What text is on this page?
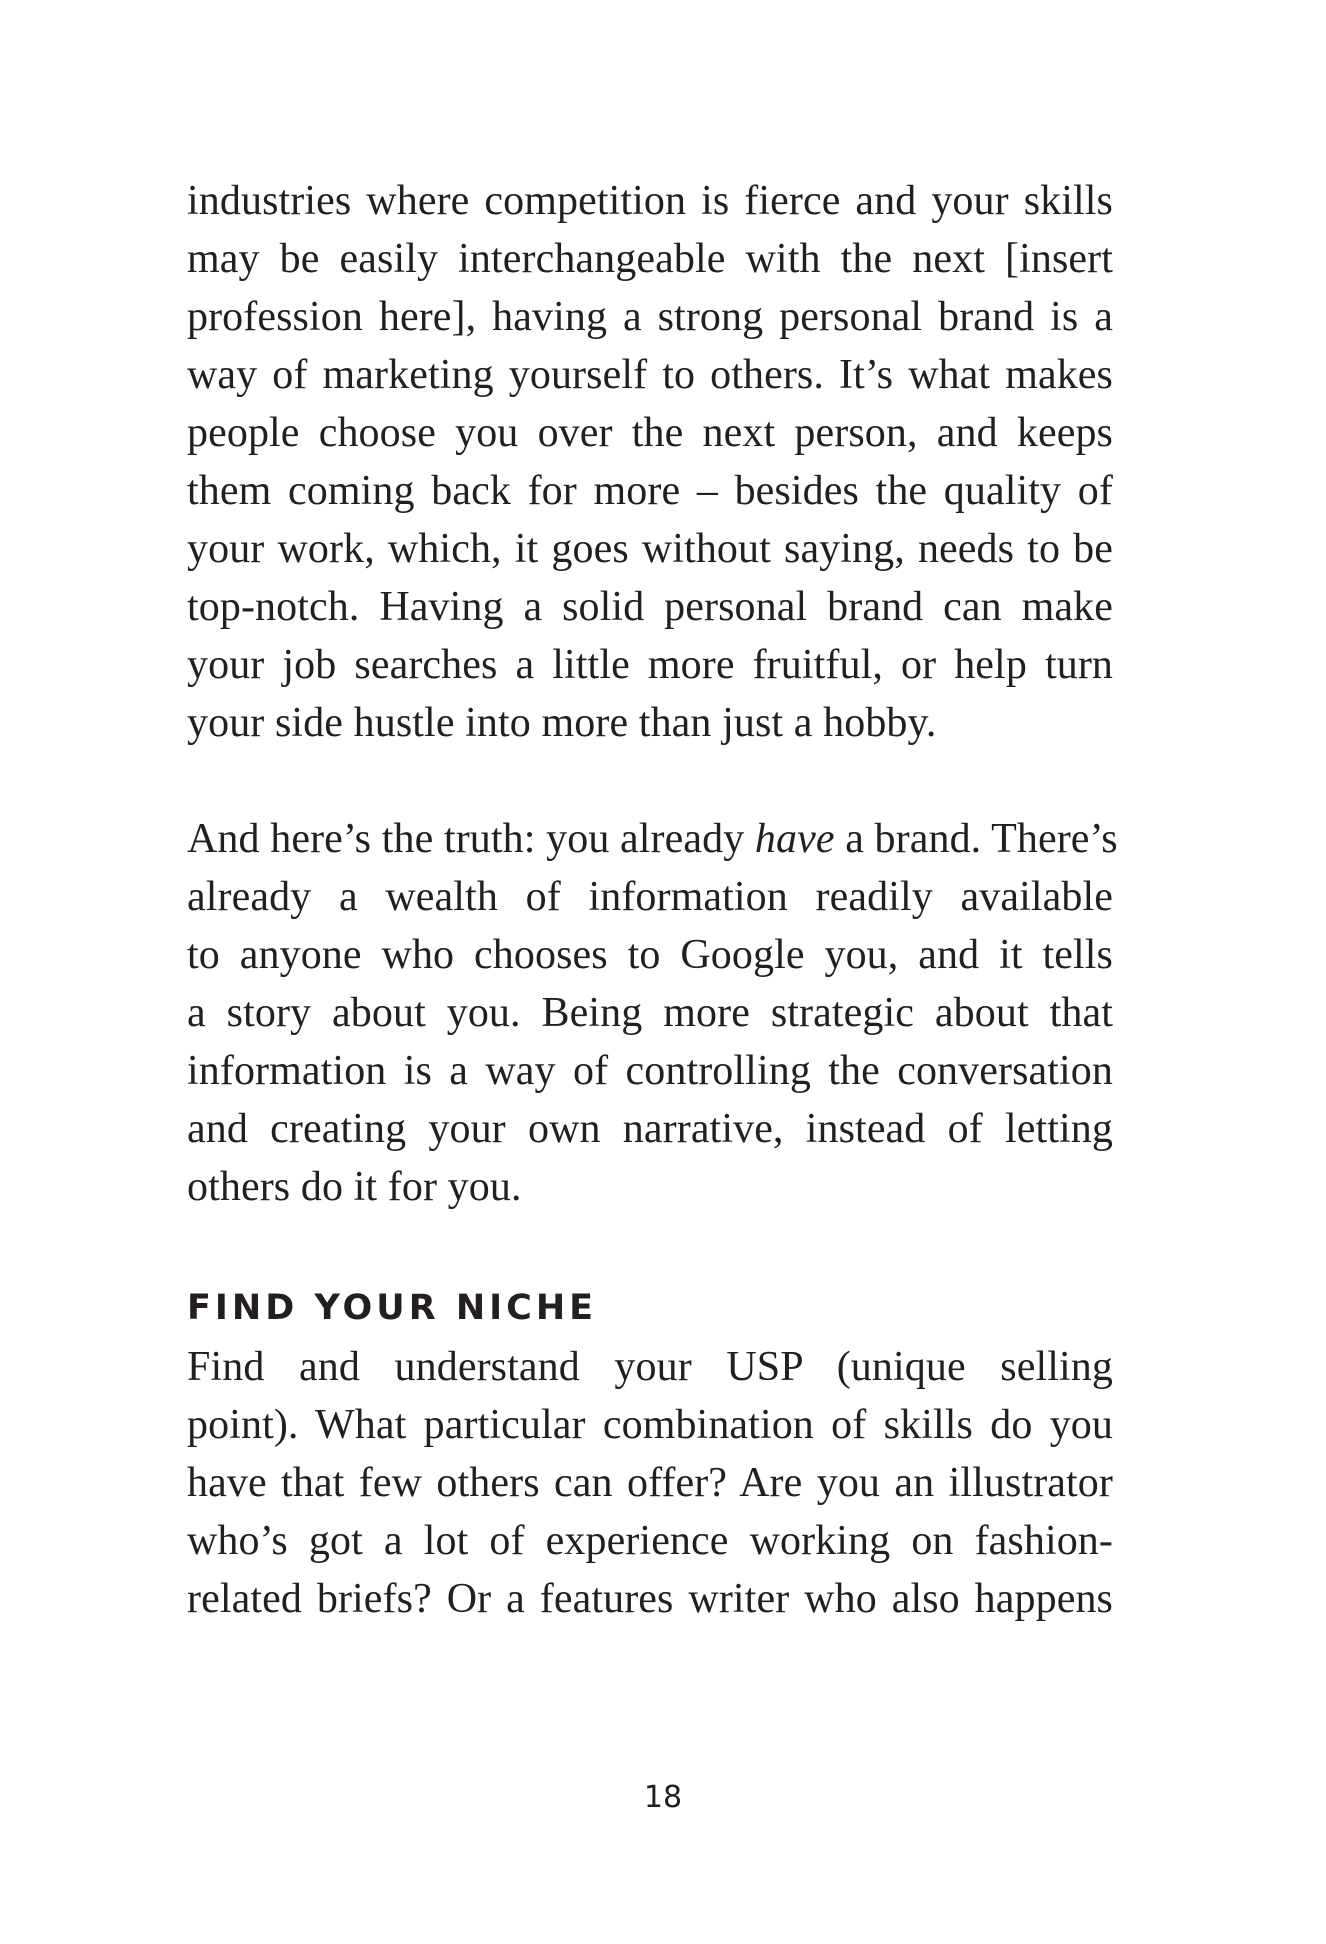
industries where competition is fierce and your skills
may be easily interchangeable with the next [insert
profession here], having a strong personal brand is a
way of marketing yourself to others. It’s what makes
people choose you over the next person, and keeps
them coming back for more – besides the quality of
your work, which, it goes without saying, needs to be
top-notch. Having a solid personal brand can make
your job searches a little more fruitful, or help turn
your side hustle into more than just a hobby.

And here’s the truth: you already have a brand. There’s
already a wealth of information readily available
to anyone who chooses to Google you, and it tells
a story about you. Being more strategic about that
information is a way of controlling the conversation
and creating your own narrative, instead of letting
others do it for you.

FIND YOUR NICHE

Find and understand your USP (unique selling
point). What particular combination of skills do you
have that few others can offer? Are you an illustrator
who’s got a lot of experience working on fashion-
related briefs? Or a features writer who also happens

18
